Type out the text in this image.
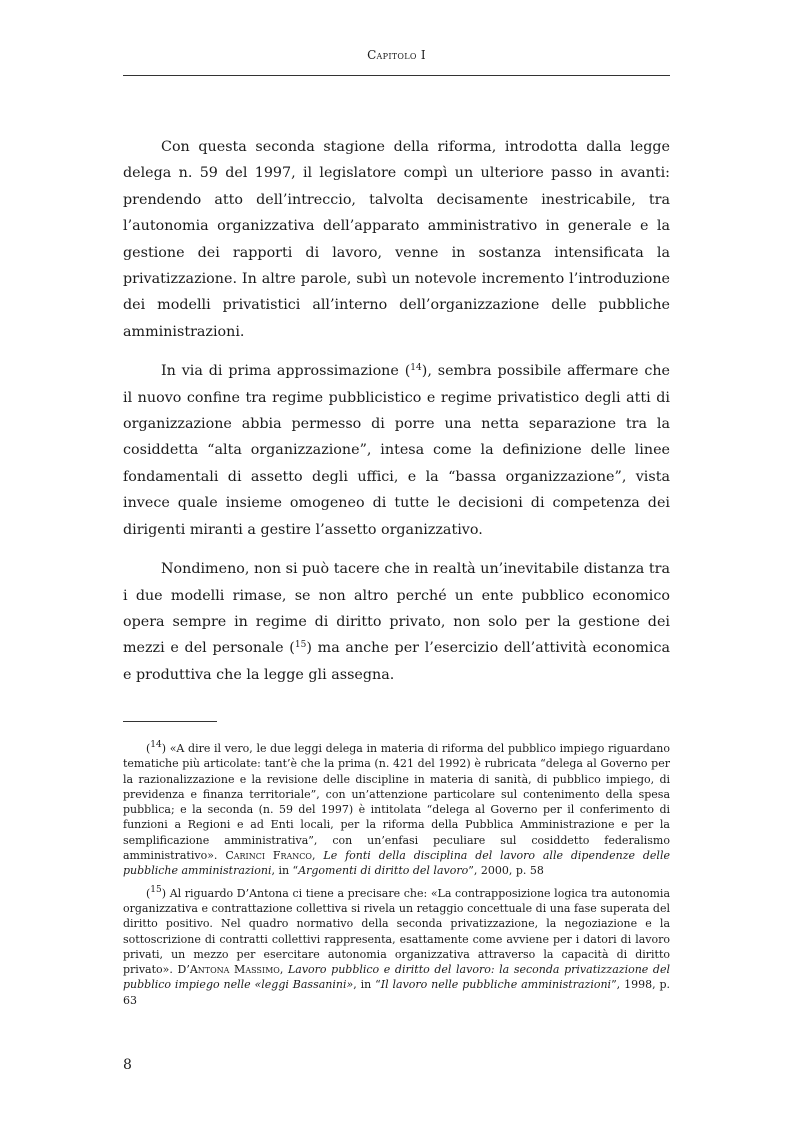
Capitolo I

Con questa seconda stagione della riforma, introdotta dalla legge delega n. 59 del 1997, il legislatore compì un ulteriore passo in avanti: prendendo atto dell’intreccio, talvolta decisamente inestricabile, tra l’autonomia organizzativa dell’apparato amministrativo in generale e la gestione dei rapporti di lavoro, venne in sostanza intensificata la privatizzazione. In altre parole, subì un notevole incremento l’introduzione dei modelli privatistici all’interno dell’organizzazione delle pubbliche amministrazioni.

In via di prima approssimazione ($^{14}$), sembra possibile affermare che il nuovo confine tra regime pubblicistico e regime privatistico degli atti di organizzazione abbia permesso di porre una netta separazione tra la cosiddetta “alta organizzazione”, intesa come la definizione delle linee fondamentali di assetto degli uffici, e la “bassa organizzazione”, vista invece quale insieme omogeneo di tutte le decisioni di competenza dei dirigenti miranti a gestire l’assetto organizzativo.

Nondimeno, non si può tacere che in realtà un’inevitabile distanza tra i due modelli rimase, se non altro perché un ente pubblico economico opera sempre in regime di diritto privato, non solo per la gestione dei mezzi e del personale ($^{15}$) ma anche per l’esercizio dell’attività economica e produttiva che la legge gli assegna.

($^{14}$) «A dire il vero, le due leggi delega in materia di riforma del pubblico impiego riguardano tematiche più articolate: tant’è che la prima (n. 421 del 1992) è rubricata “delega al Governo per la razionalizzazione e la revisione delle discipline in materia di sanità, di pubblico impiego, di previdenza e finanza territoriale”, con un’attenzione particolare sul contenimento della spesa pubblica; e la seconda (n. 59 del 1997) è intitolata “delega al Governo per il conferimento di funzioni a Regioni e ad Enti locali, per la riforma della Pubblica Amministrazione e per la semplificazione amministrativa”, con un’enfasi peculiare sul cosiddetto federalismo amministrativo». Carinci Franco, Le fonti della disciplina del lavoro alle dipendenze delle pubbliche amministrazioni, in “Argomenti di diritto del lavoro”, 2000, p. 58

($^{15}$) Al riguardo D’Antona ci tiene a precisare che: «La contrapposizione logica tra autonomia organizzativa e contrattazione collettiva si rivela un retaggio concettuale di una fase superata del diritto positivo. Nel quadro normativo della seconda privatizzazione, la negoziazione e la sottoscrizione di contratti collettivi rappresenta, esattamente come avviene per i datori di lavoro privati, un mezzo per esercitare autonomia organizzativa attraverso la capacità di diritto privato». D’Antona Massimo, Lavoro pubblico e diritto del lavoro: la seconda privatizzazione del pubblico impiego nelle «leggi Bassanini», in “Il lavoro nelle pubbliche amministrazioni”, 1998, p. 63

8
